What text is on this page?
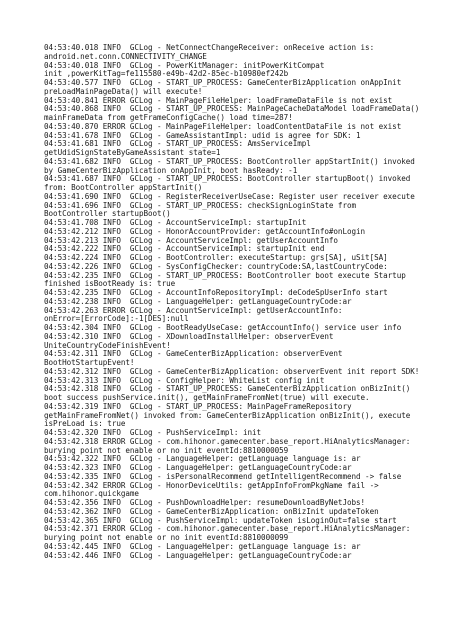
04:53:40.018 INFO  GCLog - NetConnectChangeReceiver: onReceive action is:
android.net.conn.CONNECTIVITY_CHANGE
04:53:40.018 INFO  GCLog - PowerKitManager: initPowerKitCompat
init ,powerKitTag=fe115580-e49b-42d2-85ec-b10980ef242b
04:53:40.577 INFO  GCLog - START_UP_PROCESS: GameCenterBizApplication onAppInit
preLoadMainPageData() will execute!
04:53:40.841 ERROR GCLog - MainPageFileHelper: loadFrameDataFile is not exist
04:53:40.868 INFO  GCLog - START_UP_PROCESS: MainPageCacheDataModel loadFrameData()
mainFrameData from getFrameConfigCache() load time=287!
04:53:40.870 ERROR GCLog - MainPageFileHelper: loadContentDataFile is not exist
04:53:41.678 INFO  GCLog - GameAssistantImpl: udid is agree for SDK: 1
04:53:41.681 INFO  GCLog - START_UP_PROCESS: AmsServiceImpl
getUdidSignStateByGameAssistant state=1
04:53:41.682 INFO  GCLog - START_UP_PROCESS: BootController appStartInit() invoked
by GameCenterBizApplication onAppInit, boot hasReady: -1
04:53:41.687 INFO  GCLog - START_UP_PROCESS: BootController startupBoot() invoked
from: BootController appStartInit()
04:53:41.690 INFO  GCLog - RegisterReceiverUseCase: Register user receiver execute
04:53:41.696 INFO  GCLog - START_UP_PROCESS: checkSignLoginState from
BootController startupBoot()
04:53:41.708 INFO  GCLog - AccountServiceImpl: startupInit
04:53:42.212 INFO  GCLog - HonorAccountProvider: getAccountInfo#onLogin
04:53:42.213 INFO  GCLog - AccountServiceImpl: getUserAccountInfo
04:53:42.222 INFO  GCLog - AccountServiceImpl: startupInit end
04:53:42.224 INFO  GCLog - BootController: executeStartup: grs[SA], uSit[SA]
04:53:42.226 INFO  GCLog - SysConfigChecker: countryCode:SA,lastCountryCode:
04:53:42.235 INFO  GCLog - START_UP_PROCESS: BootController boot execute Startup
finished isBootReady is: true
04:53:42.235 INFO  GCLog - AccountInfoRepositoryImpl: deCodeSpUserInfo start
04:53:42.238 INFO  GCLog - LanguageHelper: getLanguageCountryCode:ar
04:53:42.263 ERROR GCLog - AccountServiceImpl: getUserAccountInfo:
onError=[ErrorCode]:-1[DES]:null
04:53:42.304 INFO  GCLog - BootReadyUseCase: getAccountInfo() service user info
04:53:42.310 INFO  GCLog - XDownloadInstallHelper: observerEvent
UniteCountryCodeFinishEvent!
04:53:42.311 INFO  GCLog - GameCenterBizApplication: observerEvent
BootHotStartupEvent!
04:53:42.312 INFO  GCLog - GameCenterBizApplication: observerEvent init report SDK!
04:53:42.313 INFO  GCLog - ConfigHelper: WhiteList config init
04:53:42.318 INFO  GCLog - START_UP_PROCESS: GameCenterBizApplication onBizInit()
boot success pushService.init(), getMainFrameFromNet(true) will execute.
04:53:42.319 INFO  GCLog - START_UP_PROCESS: MainPageFrameRepository
getMainFrameFromNet() invoked from: GameCenterBizApplication onBizInit(), execute
isPreLoad is: true
04:53:42.320 INFO  GCLog - PushServiceImpl: init
04:53:42.318 ERROR GCLog - com.hihonor.gamecenter.base_report.HiAnalyticsManager:
burying point not enable or no init eventId:8810000059
04:53:42.322 INFO  GCLog - LanguageHelper: getLanguage language is: ar
04:53:42.323 INFO  GCLog - LanguageHelper: getLanguageCountryCode:ar
04:53:42.335 INFO  GCLog - isPersonalRecommend getIntelligentRecommend -> false
04:53:42.342 ERROR GCLog - HonorDeviceUtils: getAppInfoFromPkgName fail ->
com.hihonor.quickgame
04:53:42.356 INFO  GCLog - PushDownloadHelper: resumeDownloadByNetJobs!
04:53:42.362 INFO  GCLog - GameCenterBizApplication: onBizInit updateToken
04:53:42.365 INFO  GCLog - PushServiceImpl: updateToken isLoginOut=false start
04:53:42.371 ERROR GCLog - com.hihonor.gamecenter.base_report.HiAnalyticsManager:
burying point not enable or no init eventId:8810000099
04:53:42.445 INFO  GCLog - LanguageHelper: getLanguage language is: ar
04:53:42.446 INFO  GCLog - LanguageHelper: getLanguageCountryCode:ar
